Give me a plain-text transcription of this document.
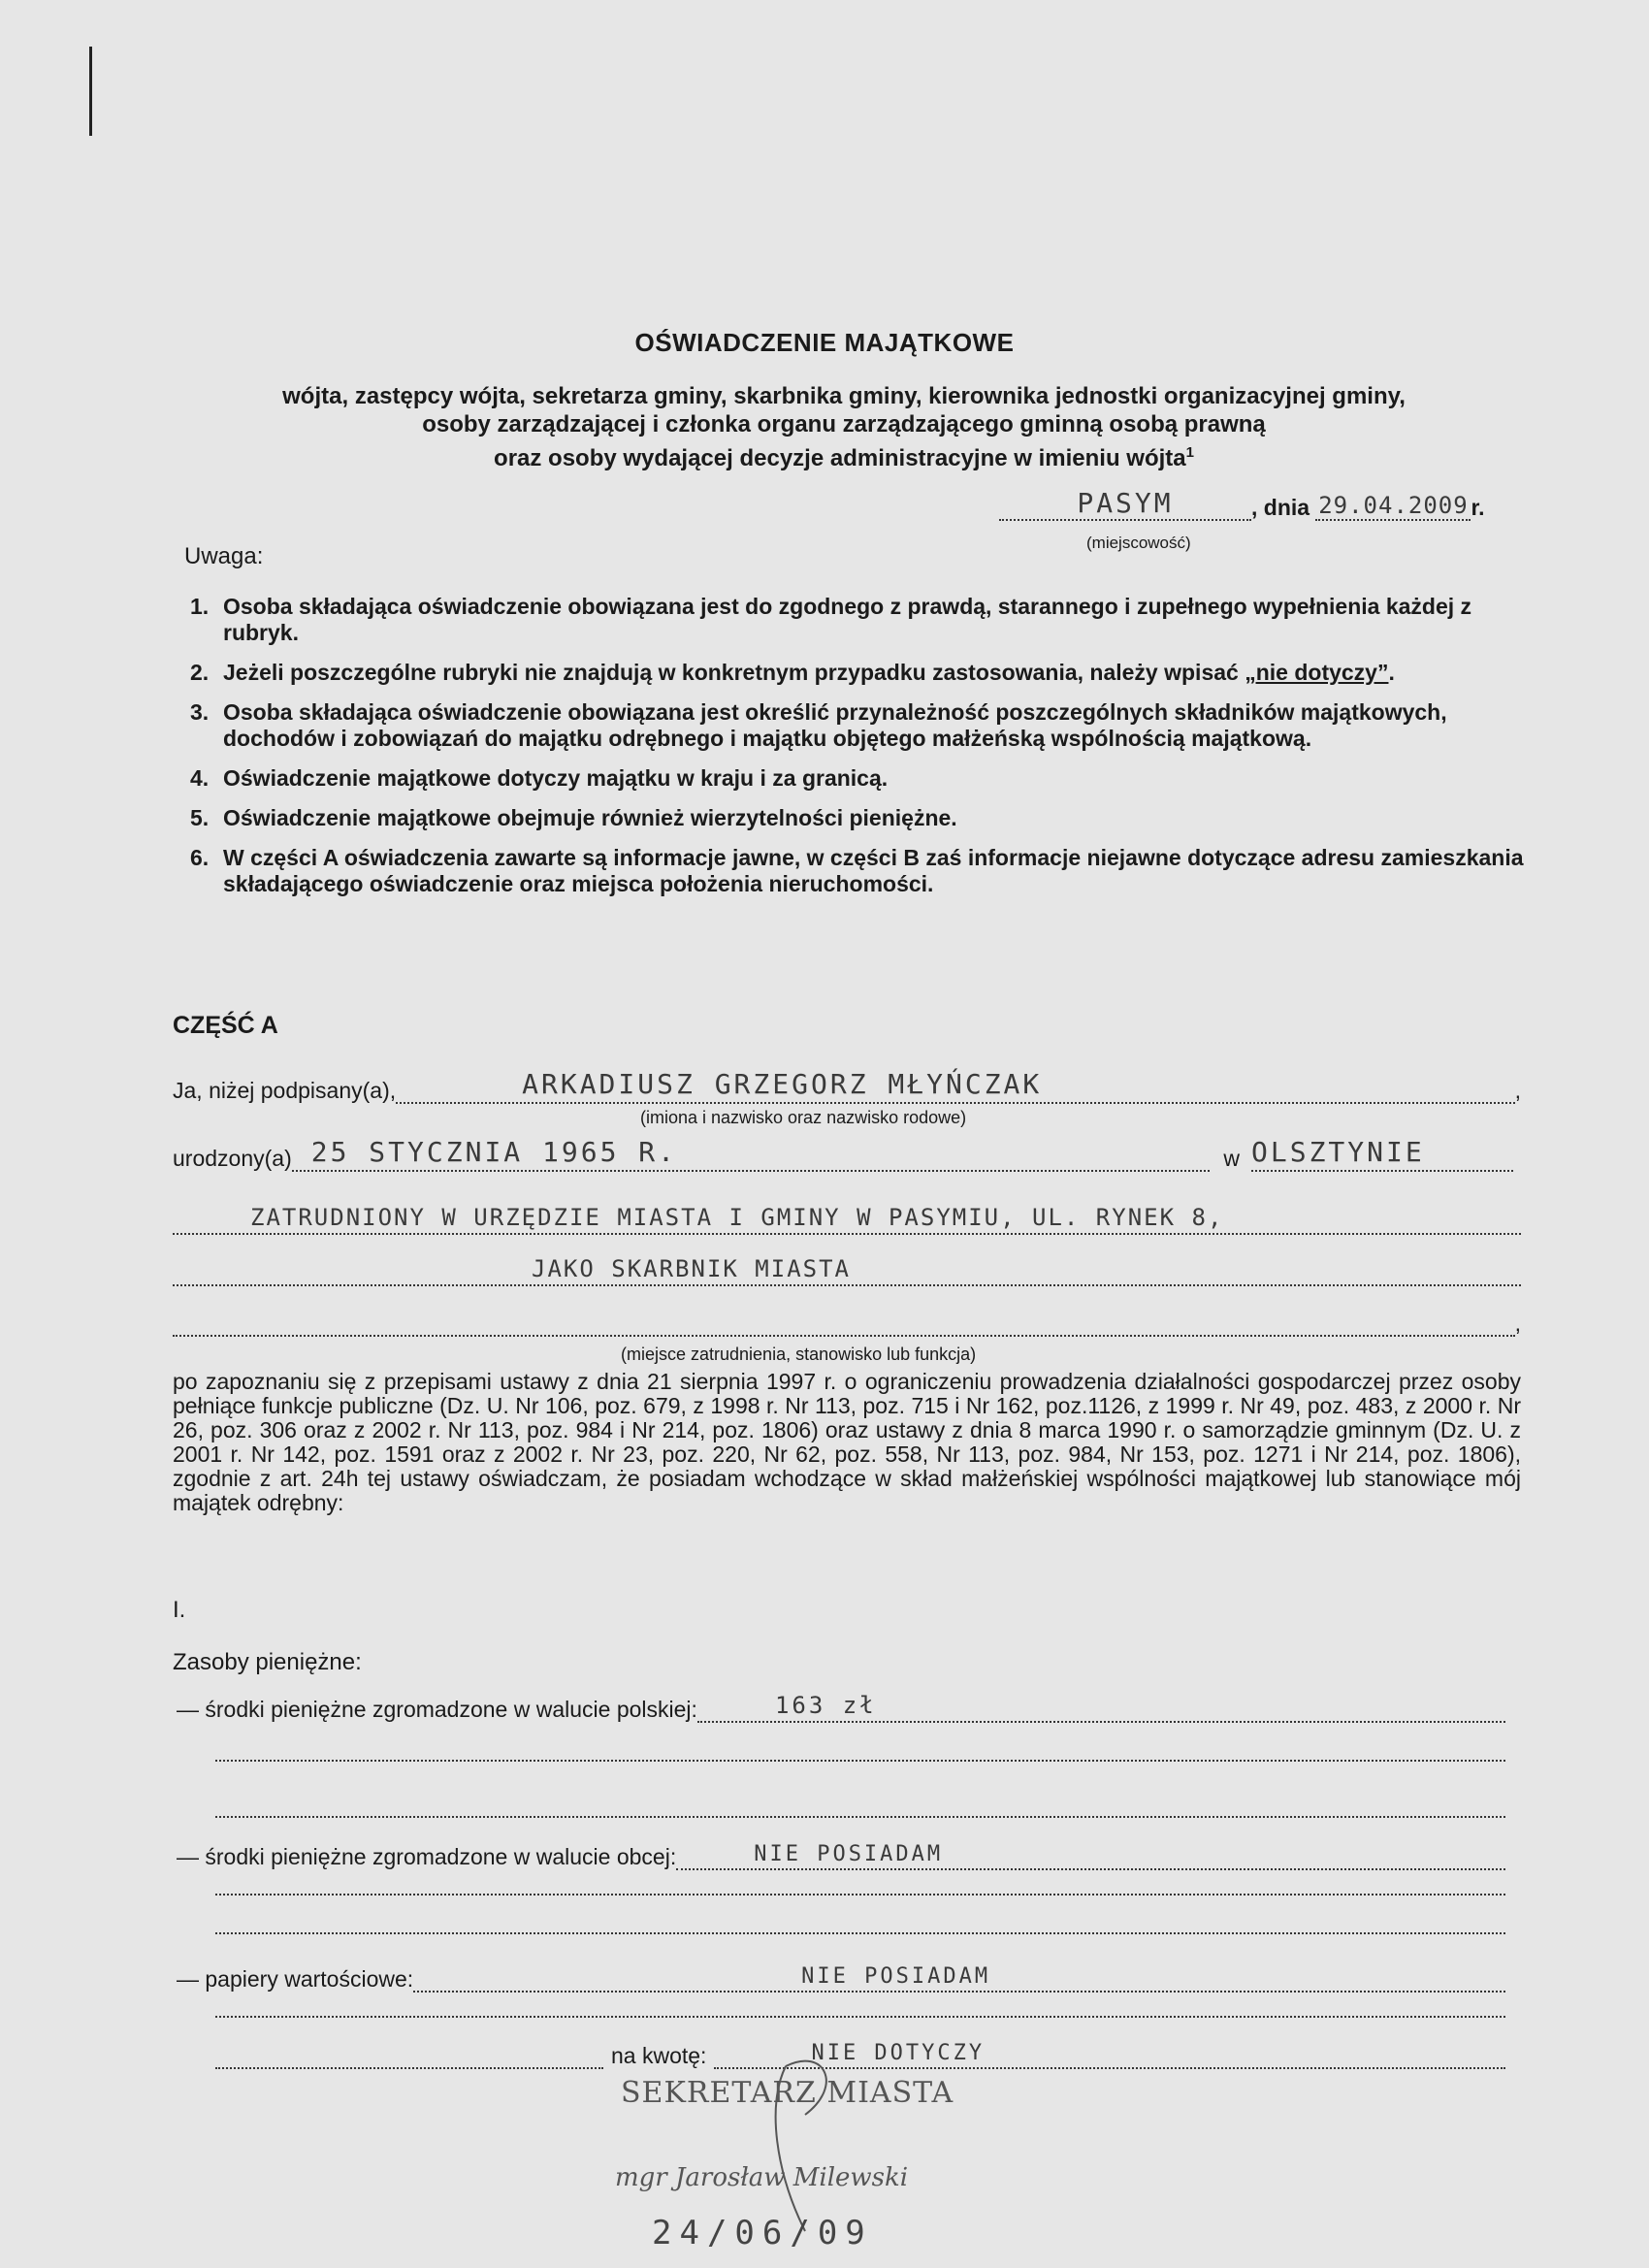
OŚWIADCZENIE MAJĄTKOWE
wójta, zastępcy wójta, sekretarza gminy, skarbnika gminy, kierownika jednostki organizacyjnej gminy,
osoby zarządzającej i członka organu zarządzającego gminną osobą prawną
oraz osoby wydającej decyzje administracyjne w imieniu wójta$^1$
PASYM	, dnia 29.04.2009 r.
(miejscowość)
Uwaga:
1. Osoba składająca oświadczenie obowiązana jest do zgodnego z prawdą, starannego i zupełnego wypełnienia każdej z rubryk.
2. Jeżeli poszczególne rubryki nie znajdują w konkretnym przypadku zastosowania, należy wpisać „nie dotyczy”.
3. Osoba składająca oświadczenie obowiązana jest określić przynależność poszczególnych składników majątkowych, dochodów i zobowiązań do majątku odrębnego i majątku objętego małżeńską wspólnością majątkową.
4. Oświadczenie majątkowe dotyczy majątku w kraju i za granicą.
5. Oświadczenie majątkowe obejmuje również wierzytelności pieniężne.
6. W części A oświadczenia zawarte są informacje jawne, w części B zaś informacje niejawne dotyczące adresu zamieszkania składającego oświadczenie oraz miejsca położenia nieruchomości.
CZĘŚĆ A
Ja, niżej podpisany(a),	ARKADIUSZ GRZEGORZ MŁYŃCZAK	,
(imiona i nazwisko oraz nazwisko rodowe)
urodzony(a) 25 STYCZNIA 1965 R.	w OLSZTYNIE
ZATRUDNIONY W URZĘDZIE MIASTA I GMINY W PASYMIU, UL. RYNEK 8,
JAKO SKARBNIK MIASTA
,
(miejsce zatrudnienia, stanowisko lub funkcja)
po zapoznaniu się z przepisami ustawy z dnia 21 sierpnia 1997 r. o ograniczeniu prowadzenia działalności gospodarczej przez osoby pełniące funkcje publiczne (Dz. U. Nr 106, poz. 679, z 1998 r. Nr 113, poz. 715 i Nr 162, poz.1126, z 1999 r. Nr 49, poz. 483, z 2000 r. Nr 26, poz. 306 oraz z 2002 r. Nr 113, poz. 984 i Nr 214, poz. 1806) oraz ustawy z dnia 8 marca 1990 r. o samorządzie gminnym (Dz. U. z 2001 r. Nr 142, poz. 1591 oraz z 2002 r. Nr 23, poz. 220, Nr 62, poz. 558, Nr 113, poz. 984, Nr 153, poz. 1271 i Nr 214, poz. 1806), zgodnie z art. 24h tej ustawy oświadczam, że posiadam wchodzące w skład małżeńskiej wspólności majątkowej lub stanowiące mój majątek odrębny:
I.
Zasoby pieniężne:
— środki pieniężne zgromadzone w walucie polskiej:	163 zł
— środki pieniężne zgromadzone w walucie obcej:	NIE POSIADAM
— papiery wartościowe:	NIE POSIADAM
na kwotę:	NIE DOTYCZY
SEKRETARZ MIASTA
mgr Jarosław Milewski
24/06/09
